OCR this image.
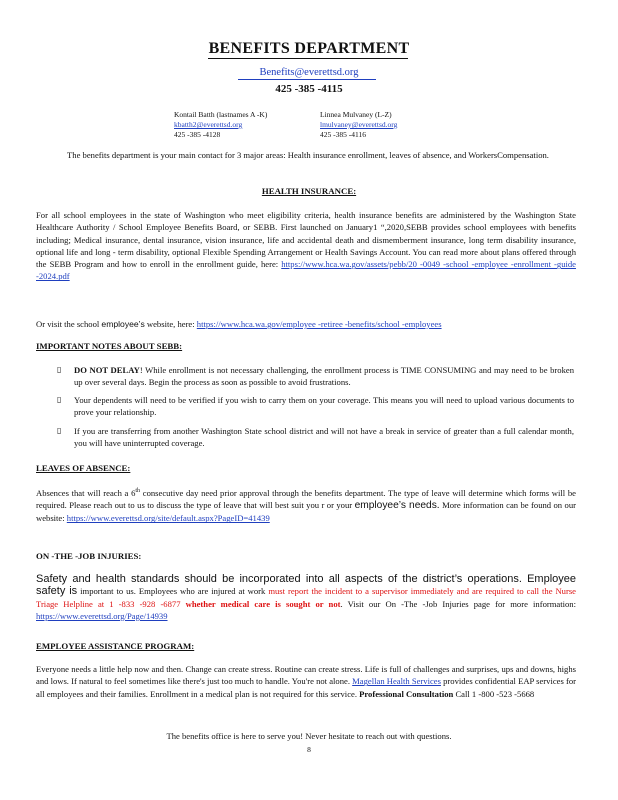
BENEFITS DEPARTMENT
Benefits@everettsd.org
425 -385 -4115
Kontail Batth (lastnames A -K)
kbatth2@everettsd.org
425 -385 -4128
Linnea Mulvaney (L-Z)
lmulvaney@everettsd.org
425 -385 -4116
The benefits department is your main contact for 3 major areas: Health insurance enrollment, leaves of absence, and WorkersCompensation.
HEALTH INSURANCE:
For all school employees in the state of Washington who meet eligibility criteria, health insurance benefits are administered by the Washington State Healthcare Authority / School Employee Benefits Board, or SEBB. First launched on January1 “,2020,SEBB provides school employees with benefits including; Medical insurance, dental insurance, vision insurance, life and accidental death and dismemberment insurance, long term disability insurance, optional life and long - term disability, optional Flexible Spending Arrangement or Health Savings Account. You can read more about plans offered through the SEBB Program and how to enroll in the enrollment guide, here: https://www.hca.wa.gov/assets/pebb/20 -0049 -school -employee -enrollment -guide -2024.pdf
Or visit the school employee’s website, here: https://www.hca.wa.gov/employee -retiree -benefits/school -employees
IMPORTANT NOTES ABOUT SEBB:
▯ DO NOT DELAY! While enrollment is not necessary challenging, the enrollment process is TIME CONSUMING and may need to be broken up over several days. Begin the process as soon as possible to avoid frustrations.
▯ Your dependents will need to be verified if you wish to carry them on your coverage. This means you will need to upload various documents to prove your relationship.
▯ If you are transferring from another Washington State school district and will not have a break in service of greater than a full calendar month, you will have uninterrupted coverage.
LEAVES OF ABSENCE:
Absences that will reach a 6th consecutive day need prior approval through the benefits department. The type of leave will determine which forms will be required. Please reach out to us to discuss the type of leave that will best suit you r or your employee’s needs. More information can be found on our website: https://www.everettsd.org/site/default.aspx?PageID=41439
ON -THE -JOB INJURIES:
Safety and health standards should be incorporated into all aspects of the district’s operations. Employee safety is important to us. Employees who are injured at work must report the incident to a supervisor immediately and are required to call the Nurse Triage Helpline at 1 -833 -928 -6877 whether medical care is sought or not. Visit our On -The -Job Injuries page for more information: https://www.everettsd.org/Page/14939
EMPLOYEE ASSISTANCE PROGRAM:
Everyone needs a little help now and then. Change can create stress. Routine can create stress. Life is full of challenges and surprises, ups and downs, highs and lows. If natural to feel sometimes like there's just too much to handle. You're not alone. Magellan Health Services provides confidential EAP services for all employees and their families. Enrollment in a medical plan is not required for this service. Professional Consultation Call 1 -800 -523 -5668
The benefits office is here to serve you! Never hesitate to reach out with questions.
8
